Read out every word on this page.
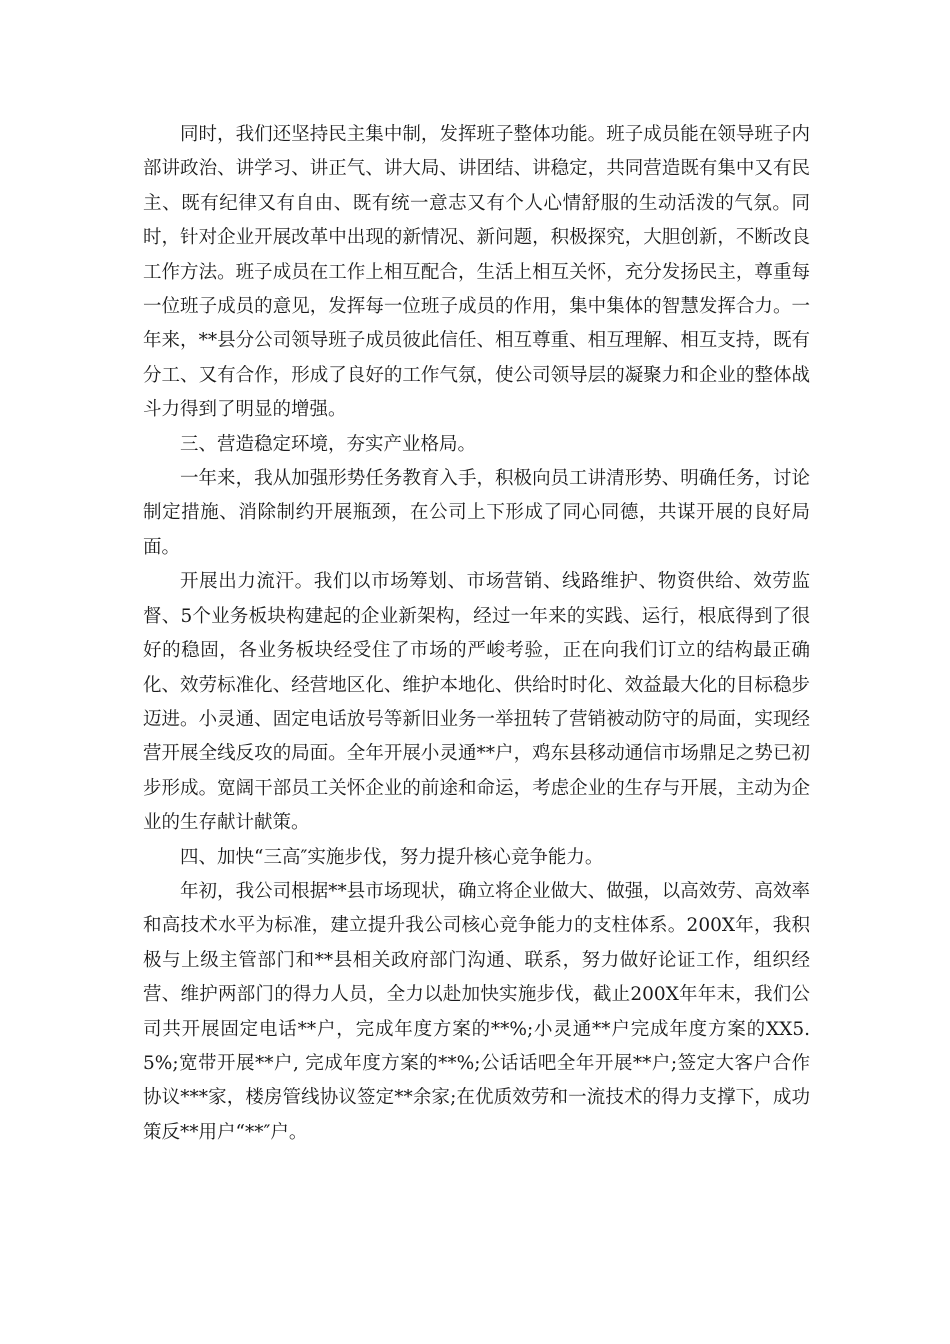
同时，我们还坚持民主集中制，发挥班子整体功能。班子成员能在领导班子内部讲政治、讲学习、讲正气、讲大局、讲团结、讲稳定，共同营造既有集中又有民主、既有纪律又有自由、既有统一意志又有个人心情舒服的生动活泼的气氛。同时，针对企业开展改革中出现的新情况、新问题，积极探究，大胆创新，不断改良工作方法。班子成员在工作上相互配合，生活上相互关怀，充分发扬民主，尊重每一位班子成员的意见，发挥每一位班子成员的作用，集中集体的智慧发挥合力。一年来，**县分公司领导班子成员彼此信任、相互尊重、相互理解、相互支持，既有分工、又有合作，形成了良好的工作气氛，使公司领导层的凝聚力和企业的整体战斗力得到了明显的增强。

三、营造稳定环境，夯实产业格局。

一年来，我从加强形势任务教育入手，积极向员工讲清形势、明确任务，讨论制定措施、消除制约开展瓶颈，在公司上下形成了同心同德，共谋开展的良好局面。

开展出力流汗。我们以市场筹划、市场营销、线路维护、物资供给、效劳监督、5个业务板块构建起的企业新架构，经过一年来的实践、运行，根底得到了很好的稳固，各业务板块经受住了市场的严峻考验，正在向我们订立的结构最正确化、效劳标准化、经营地区化、维护本地化、供给时时化、效益最大化的目标稳步迈进。小灵通、固定电话放号等新旧业务一举扭转了营销被动防守的局面，实现经营开展全线反攻的局面。全年开展小灵通**户，鸡东县移动通信市场鼎足之势已初步形成。宽阔干部员工关怀企业的前途和命运，考虑企业的生存与开展，主动为企业的生存献计献策。

四、加快“三高″实施步伐，努力提升核心竞争能力。

年初，我公司根据**县市场现状，确立将企业做大、做强，以高效劳、高效率和高技术水平为标准，建立提升我公司核心竞争能力的支柱体系。200X年，我积极与上级主管部门和**县相关政府部门沟通、联系，努力做好论证工作，组织经营、维护两部门的得力人员，全力以赴加快实施步伐，截止200X年年末，我们公司共开展固定电话**户，完成年度方案的**%;小灵通**户完成年度方案的XX5.5%;宽带开展**户, 完成年度方案的**%;公话话吧全年开展**户;签定大客户合作协议***家，楼房管线协议签定**余家;在优质效劳和一流技术的得力支撑下，成功策反**用户“**″户。
